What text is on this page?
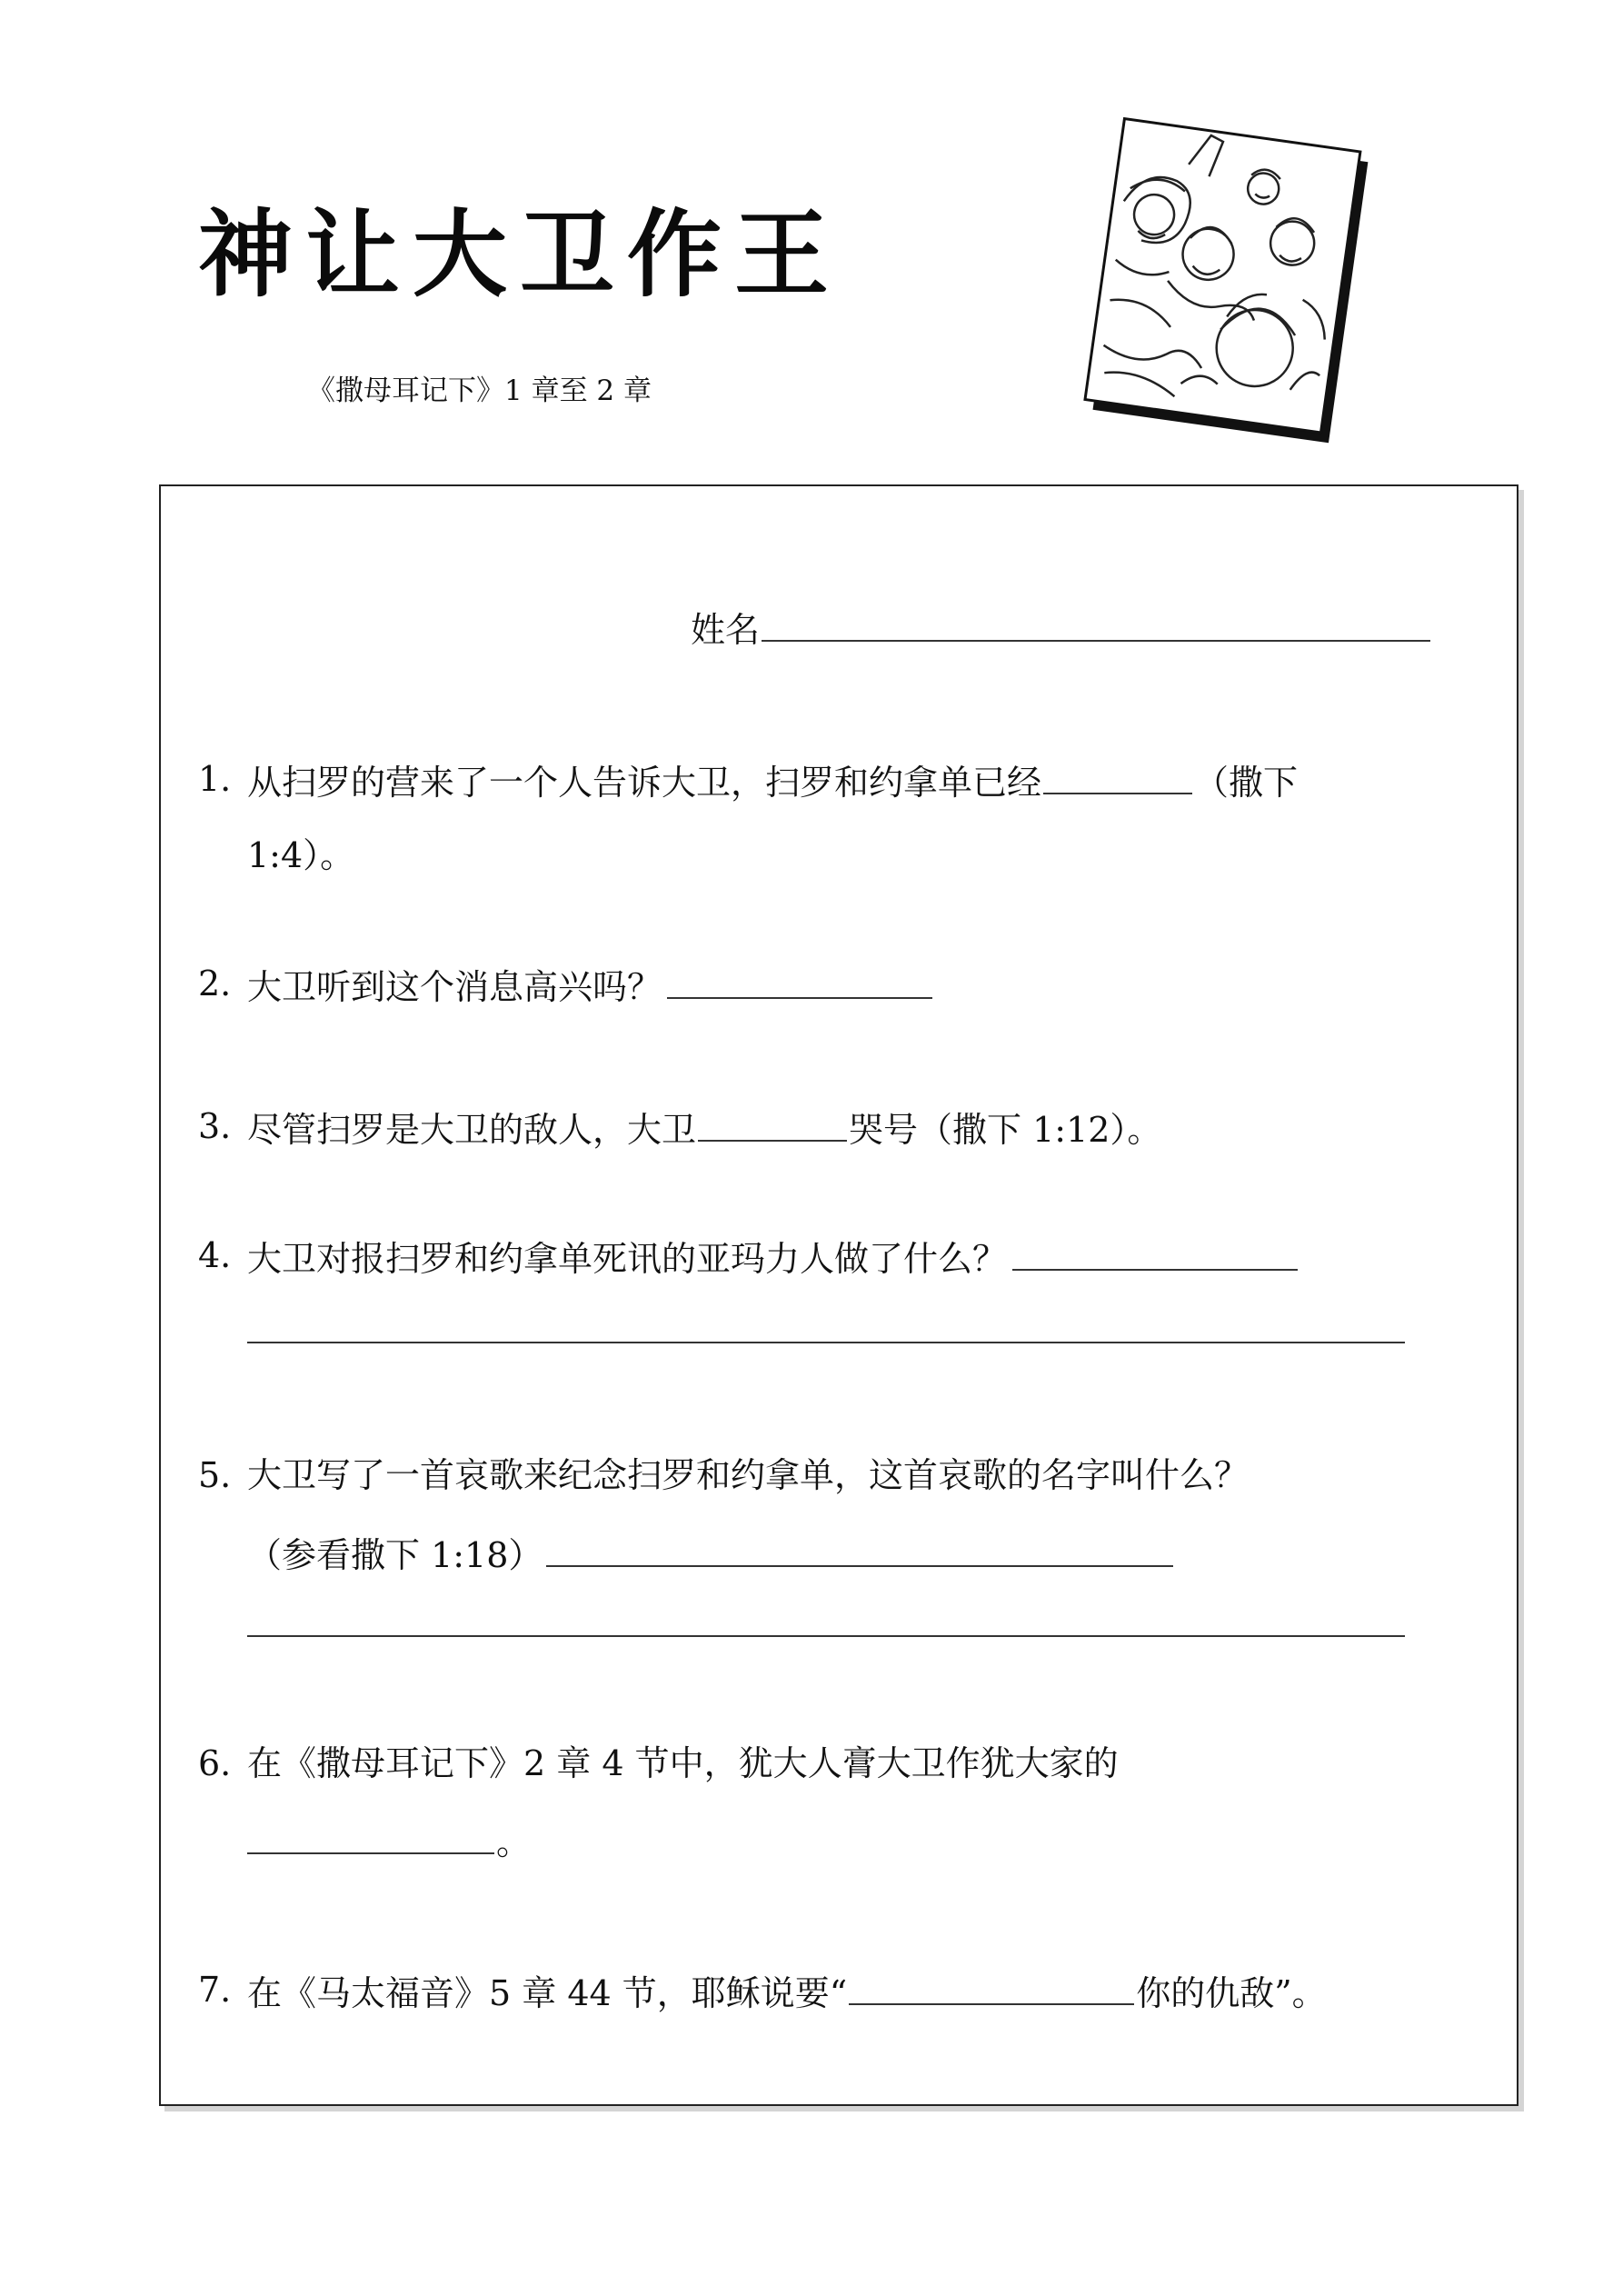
神让大卫作王
《撒母耳记下》1 章至 2 章
姓名
1. 从扫罗的营来了一个人告诉大卫，扫罗和约拿单已经	（撒下
1:4）。
2. 大卫听到这个消息高兴吗？
3. 尽管扫罗是大卫的敌人，大卫	哭号（撒下 1:12）。
4. 大卫对报扫罗和约拿单死讯的亚玛力人做了什么？
5. 大卫写了一首哀歌来纪念扫罗和约拿单，这首哀歌的名字叫什么？
（参看撒下 1:18）
6. 在《撒母耳记下》2 章 4 节中，犹大人膏大卫作犹大家的
。
7. 在《马太福音》5 章 44 节，耶稣说要“	你的仇敌”。
